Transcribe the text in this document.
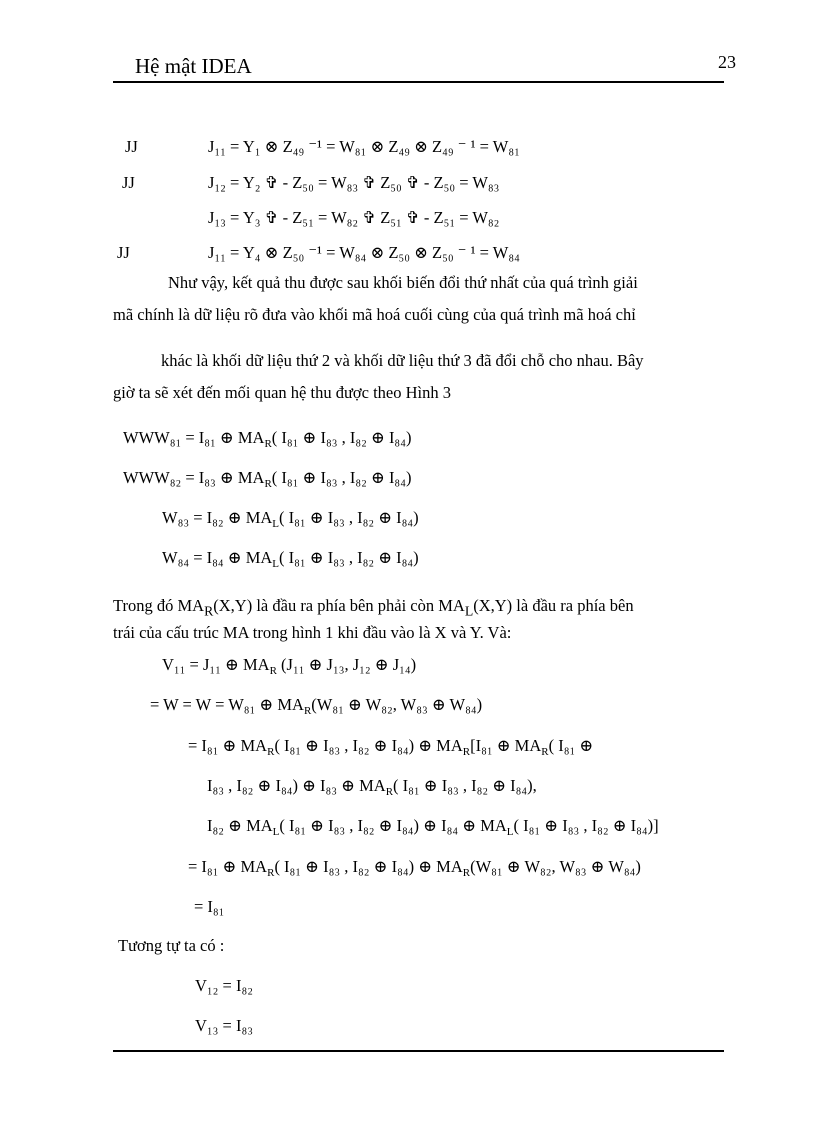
Hệ mật IDEA	23
JJ	J₁₁ = Y₁ ⊗ Z₄₉ ⁻¹ = W₈₁ ⊗ Z₄₉ ⊗ Z₄₉ ⁻ ¹ = W₈₁
JJ	J₁₂ = Y₂ ✞ - Z₅₀ = W₈₃ ✞ Z₅₀ ✞ - Z₅₀ = W₈₃
J₁₃ = Y₃ ✞ - Z₅₁ = W₈₂ ✞ Z₅₁ ✞ - Z₅₁ = W₈₂
JJ	J₁₁ = Y₄ ⊗ Z₅₀ ⁻¹ = W₈₄ ⊗ Z₅₀ ⊗ Z₅₀ ⁻ ¹ = W₈₄
Như vậy, kết quả thu được sau khối biến đổi thứ nhất của quá trình giải
mã chính là dữ liệu rõ đưa vào khối mã hoá cuối cùng của quá trình mã hoá chỉ
khác là khối dữ liệu thứ 2 và khối dữ liệu thứ 3 đã đổi chỗ cho nhau. Bây
giờ ta sẽ xét đến mối quan hệ thu được theo Hình 3
WWW₈₁ = I₈₁ ⊕ $MA_R$( I₈₁ ⊕ I₈₃ , I₈₂ ⊕ I₈₄)
WWW₈₂ = I₈₃ ⊕ $MA_R$( I₈₁ ⊕ I₈₃ , I₈₂ ⊕ I₈₄)
W₈₃ = I₈₂ ⊕ $MA_L$( I₈₁ ⊕ I₈₃ , I₈₂ ⊕ I₈₄)
W₈₄ = I₈₄ ⊕ $MA_L$( I₈₁ ⊕ I₈₃ , I₈₂ ⊕ I₈₄)
Trong đó $MA_R(X,Y)$ là đầu ra phía bên phải còn $MA_L(X,Y)$ là đầu ra phía bên
trái của cấu trúc MA trong hình 1 khi đầu vào là X và Y. Và:
V₁₁ = J₁₁ ⊕ $MA_R$ (J₁₁ ⊕ J₁₃, J₁₂ ⊕ J₁₄)
= W = W = W₈₁ ⊕ $MA_R(W_{81}$ ⊕ W₈₂, W₈₃ ⊕ W₈₄)
= I₈₁ ⊕ $MA_R$( I₈₁ ⊕ I₈₃ , I₈₂ ⊕ I₈₄) ⊕ $MA_R[I_{81}$ ⊕ $MA_R$( I₈₁ ⊕
I₈₃ , I₈₂ ⊕ I₈₄) ⊕ I₈₃ ⊕ $MA_R$( I₈₁ ⊕ I₈₃ , I₈₂ ⊕ I₈₄),
I₈₂ ⊕ $MA_L$( I₈₁ ⊕ I₈₃ , I₈₂ ⊕ I₈₄) ⊕ I₈₄ ⊕ $MA_L$( I₈₁ ⊕ I₈₃ , I₈₂ ⊕ I₈₄)]
= I₈₁ ⊕ $MA_R$( I₈₁ ⊕ I₈₃ , I₈₂ ⊕ I₈₄) ⊕ $MA_R(W_{81}$ ⊕ W₈₂, W₈₃ ⊕ W₈₄)
= I₈₁
Tương tự ta có :
V₁₂ = I₈₂
V₁₃ = I₈₃
